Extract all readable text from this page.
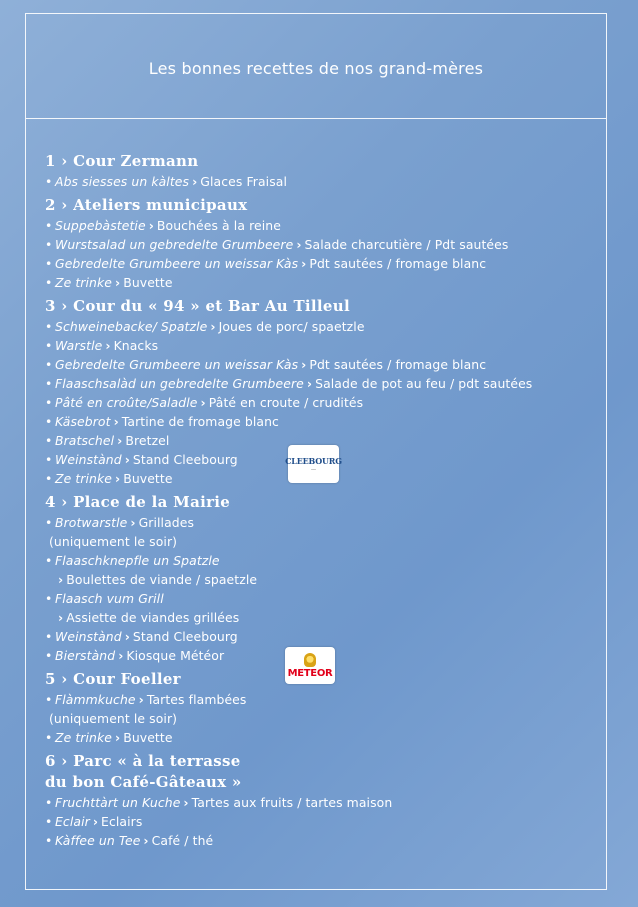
Les bonnes recettes de nos grand-mères
1 › Cour Zermann
• Abs siesses un kàltes › Glaces Fraisal
2 › Ateliers municipaux
• Suppebàstetie › Bouchées à la reine
• Wurstsalad un gebredelte Grumbeere › Salade charcutière / Pdt sautées
• Gebredelte Grumbeere un weissar Kàs › Pdt sautées / fromage blanc
• Ze trinke › Buvette
3 › Cour du « 94 » et Bar Au Tilleul
• Schweinebacke/ Spatzle › Joues de porc/ spaetzle
• Warstle › Knacks
• Gebredelte Grumbeere un weissar Kàs › Pdt sautées / fromage blanc
• Flaaschsalàd un gebredelte Grumbeere › Salade de pot au feu / pdt sautées
• Pâté en croûte/Saladle › Pâté en croute / crudités
• Käsebrot › Tartine de fromage blanc
• Bratschel › Bretzel
• Weinstànd › Stand Cleebourg
• Ze trinke › Buvette
4 › Place de la Mairie
• Brotwarstle › Grillades
(uniquement le soir)
• Flaaschknepfle un Spatzle
› Boulettes de viande / spaetzle
• Flaasch vum Grill
› Assiette de viandes grillées
• Weinstànd › Stand Cleebourg
• Bierstànd › Kiosque Météor
5 › Cour Foeller
• Flàmmkuche › Tartes flambées
(uniquement le soir)
• Ze trinke › Buvette
6 › Parc « à la terrasse
du bon Café-Gâteaux »
• Fruchttàrt un Kuche › Tartes aux fruits / tartes maison
• Eclair › Eclairs
• Kàffee un Tee › Café / thé
CLEEBOURG
──
METEOR
